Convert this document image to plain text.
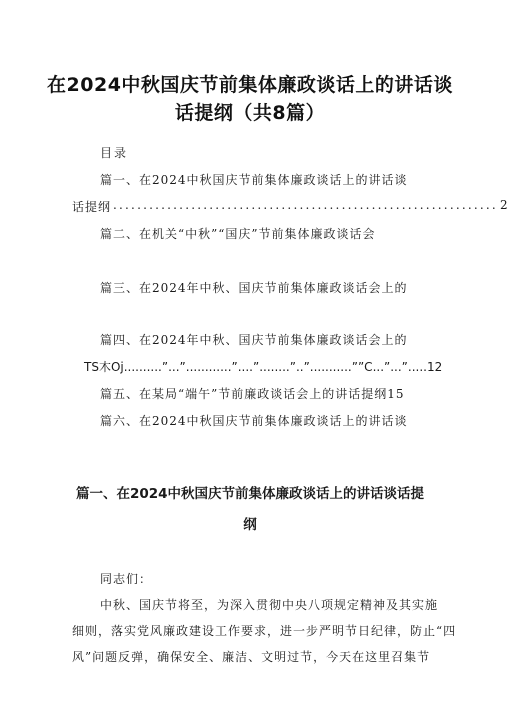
在2024中秋国庆节前集体廉政谈话上的讲话谈
话提纲（共8篇）
目录
篇一、在2024中秋国庆节前集体廉政谈话上的讲话谈
话提纲 ................................................................ 2
篇二、在机关“中秋”“国庆”节前集体廉政谈话会
篇三、在2024年中秋、国庆节前集体廉政谈话会上的
篇四、在2024年中秋、国庆节前集体廉政谈话会上的
TS木Oj..........”...”............”....”........”..”...........””C...”...”.....12
篇五、在某局“端午”节前廉政谈话会上的讲话提纲15
篇六、在2024中秋国庆节前集体廉政谈话上的讲话谈
篇一、在2024中秋国庆节前集体廉政谈话上的讲话谈话提
纲
同志们：
中秋、国庆节将至，为深入贯彻中央八项规定精神及其实施
细则，落实党风廉政建设工作要求，进一步严明节日纪律，防止“四
风”问题反弹，确保安全、廉洁、文明过节，今天在这里召集节
